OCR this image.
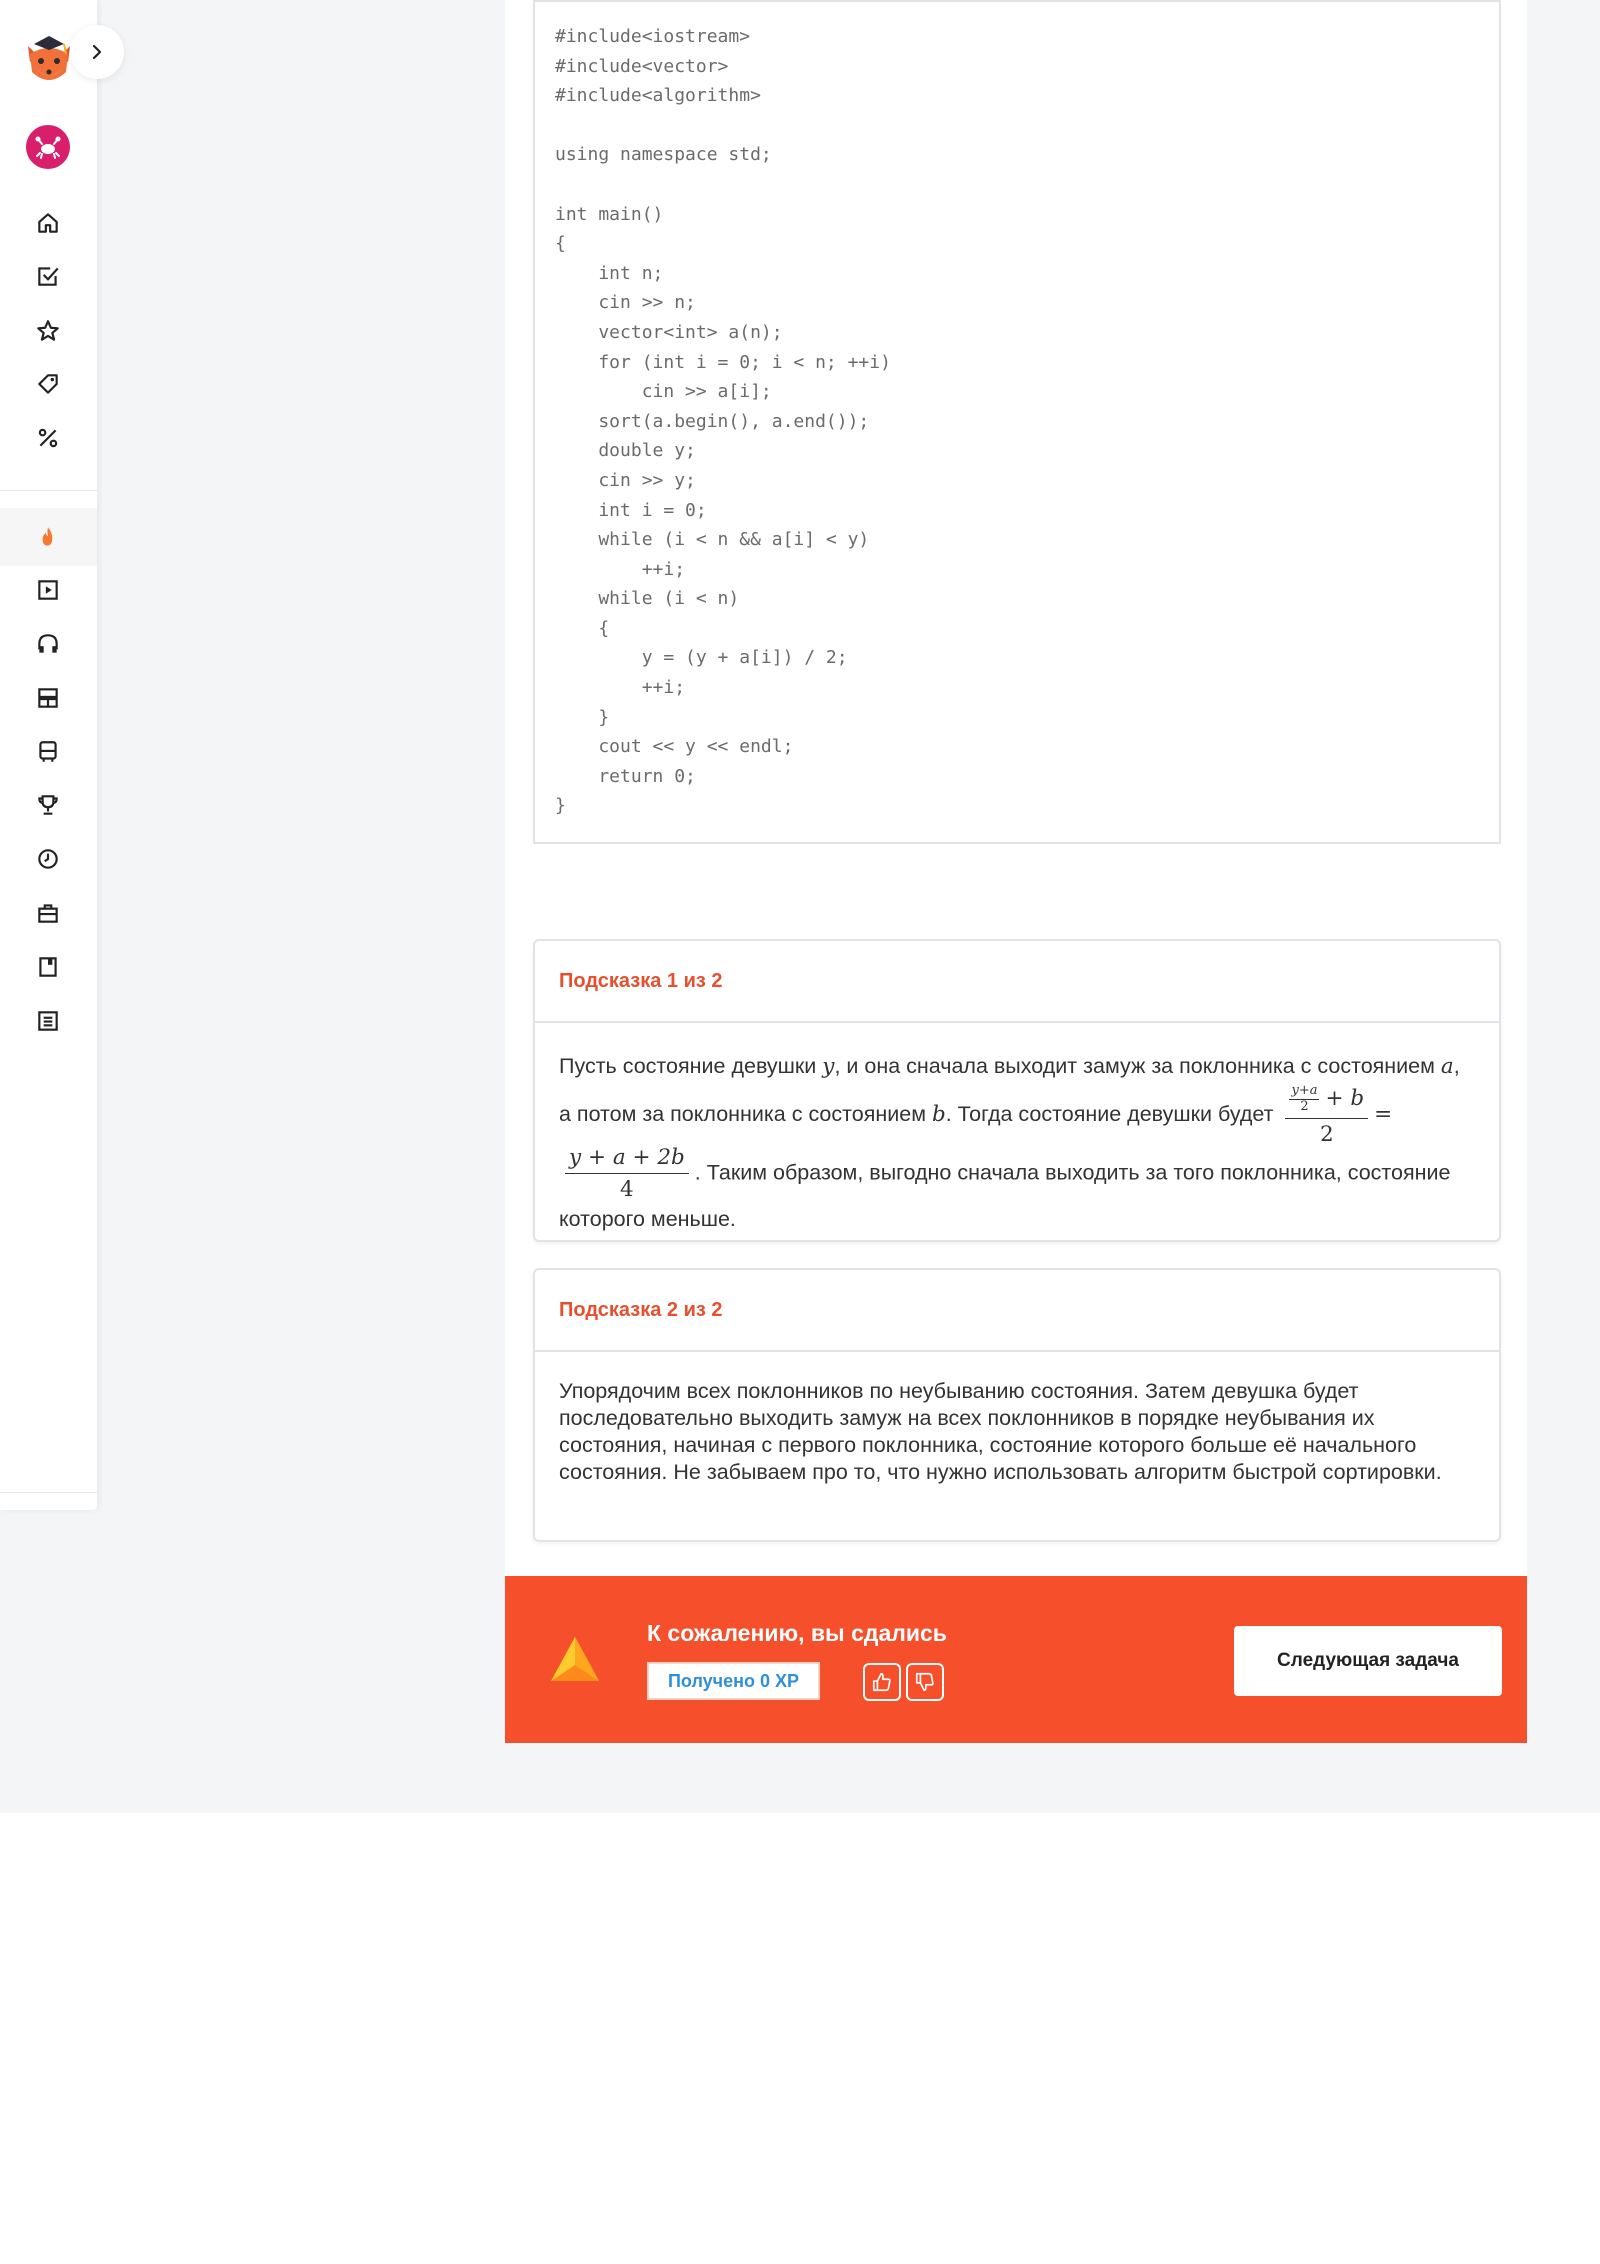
#include<iostream>
#include<vector>
#include<algorithm>

using namespace std;

int main()
{
int n;
cin >> n;
vector<int> a(n);
for (int i = 0; i < n; ++i)
cin >> a[i];
sort(a.begin(), a.end());
double y;
cin >> y;
int i = 0;
while (i < n && a[i] < y)
++i;
while (i < n)
{
y = (y + a[i]) / 2;
++i;
}
cout << y << endl;
return 0;
}
Подсказка 1 из 2
Пусть состояние девушки y, и она сначала выходит замуж за поклонника с состоянием a, а потом за поклонника с состоянием b. Тогда состояние девушки будет $\frac{\frac{y+a}{2} + b}{2}$ =
$\frac{y + a + 2b}{4}$ . Таким образом, выгодно сначала выходить за того поклонника, состояние которого меньше.
Подсказка 2 из 2
Упорядочим всех поклонников по неубыванию состояния. Затем девушка будет последовательно выходить замуж на всех поклонников в порядке неубывания их состояния, начиная с первого поклонника, состояние которого больше её начального состояния. Не забываем про то, что нужно использовать алгоритм быстрой сортировки.
К сожалению, вы сдались
Получено 0 XP
Следующая задача
